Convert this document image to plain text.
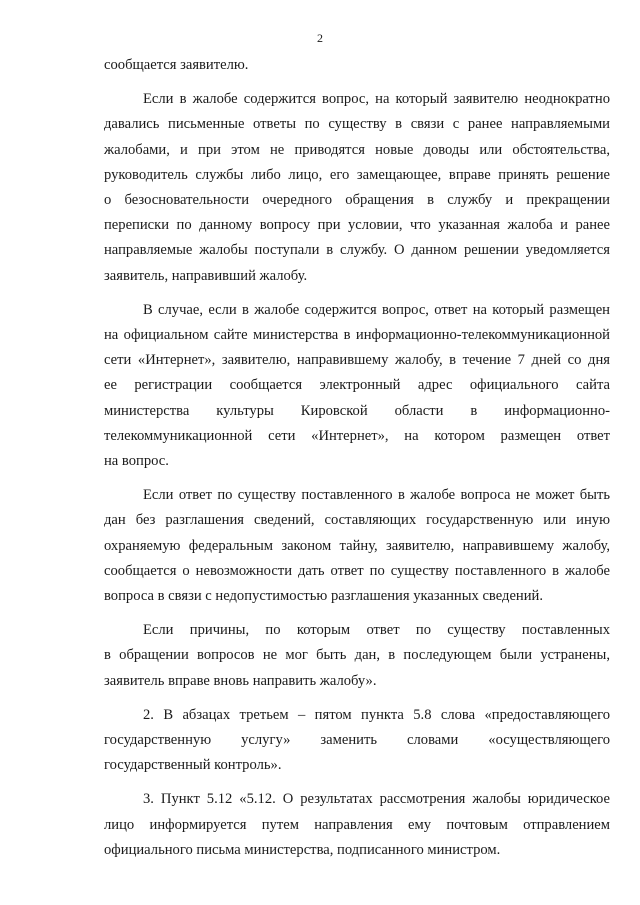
2
сообщается заявителю.
Если в жалобе содержится вопрос, на который заявителю неоднократно
давались письменные ответы по существу в связи с ранее направляемыми
жалобами, и при этом не приводятся новые доводы или обстоятельства,
руководитель службы либо лицо, его замещающее, вправе принять решение
о безосновательности очередного обращения в службу и прекращении
переписки по данному вопросу при условии, что указанная жалоба и ранее
направляемые жалобы поступали в службу. О данном решении уведомляется
заявитель, направивший жалобу.
В случае, если в жалобе содержится вопрос, ответ на который размещен
на официальном сайте министерства в информационно-телекоммуникационной
сети «Интернет», заявителю, направившему жалобу, в течение 7 дней со дня
ее регистрации сообщается электронный адрес официального сайта
министерства культуры Кировской области в информационно-
телекоммуникационной сети «Интернет», на котором размещен ответ
на вопрос.
Если ответ по существу поставленного в жалобе вопроса не может быть
дан без разглашения сведений, составляющих государственную или иную
охраняемую федеральным законом тайну, заявителю, направившему жалобу,
сообщается о невозможности дать ответ по существу поставленного в жалобе
вопроса в связи с недопустимостью разглашения указанных сведений.
Если причины, по которым ответ по существу поставленных
в обращении вопросов не мог быть дан, в последующем были устранены,
заявитель вправе вновь направить жалобу».
2. В абзацах третьем – пятом пункта 5.8 слова «предоставляющего
государственную услугу» заменить словами «осуществляющего
государственный контроль».
3. Пункт 5.12 «5.12. О результатах рассмотрения жалобы юридическое
лицо информируется путем направления ему почтовым отправлением
официального письма министерства, подписанного министром.
